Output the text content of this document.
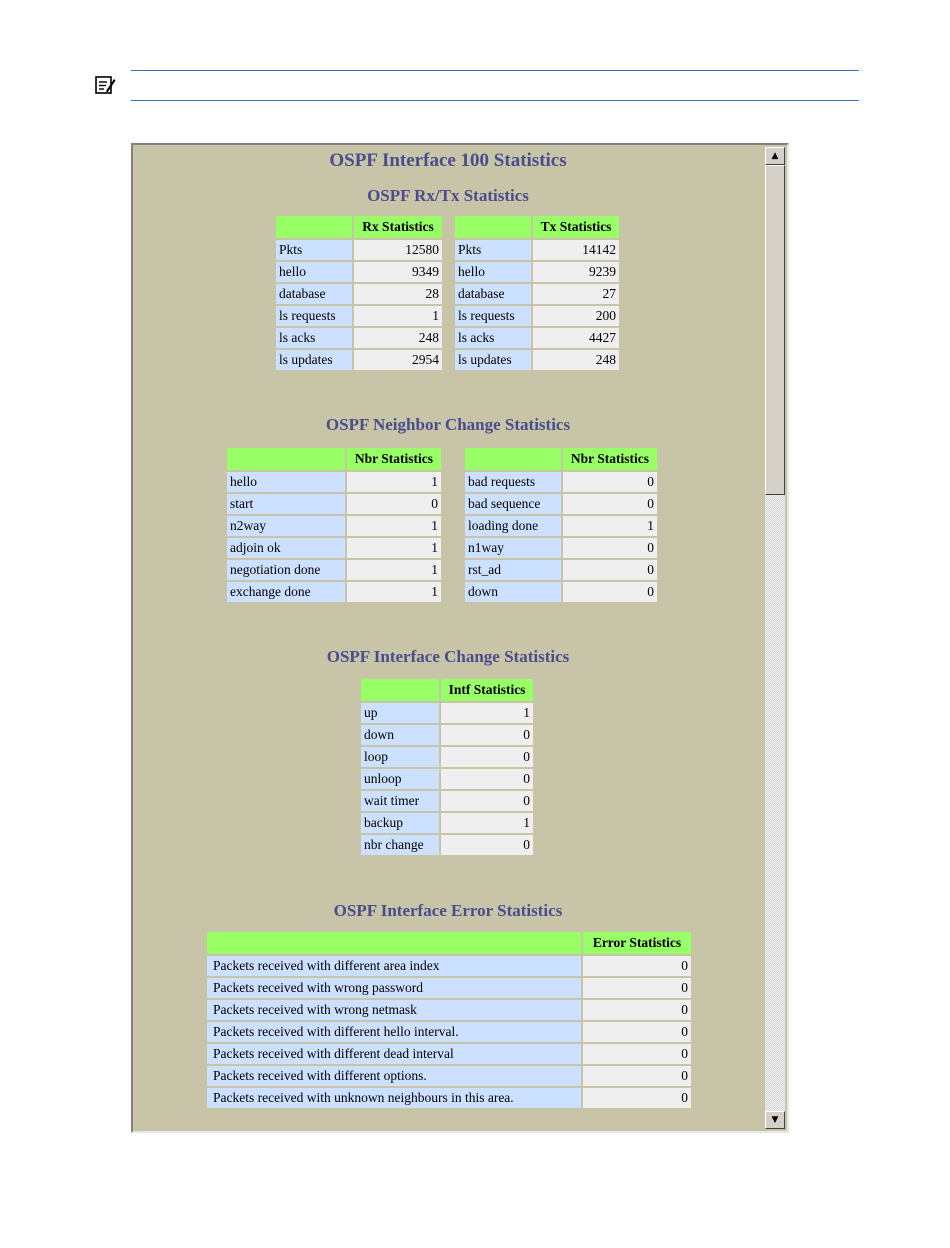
OSPF Interface 100 Statistics
OSPF Rx/Tx Statistics
	Rx Statistics
Pkts	12580
hello	9349
database	28
ls requests	1
ls acks	248
ls updates	2954
	Tx Statistics
Pkts	14142
hello	9239
database	27
ls requests	200
ls acks	4427
ls updates	248
OSPF Neighbor Change Statistics
	Nbr Statistics
hello	1
start	0
n2way	1
adjoin ok	1
negotiation done	1
exchange done	1
	Nbr Statistics
bad requests	0
bad sequence	0
loading done	1
n1way	0
rst_ad	0
down	0
OSPF Interface Change Statistics
	Intf Statistics
up	1
down	0
loop	0
unloop	0
wait timer	0
backup	1
nbr change	0
OSPF Interface Error Statistics
	Error Statistics
Packets received with different area index	0
Packets received with wrong password	0
Packets received with wrong netmask	0
Packets received with different hello interval.	0
Packets received with different dead interval	0
Packets received with different options.	0
Packets received with unknown neighbours in this area.	0
▲
▼
